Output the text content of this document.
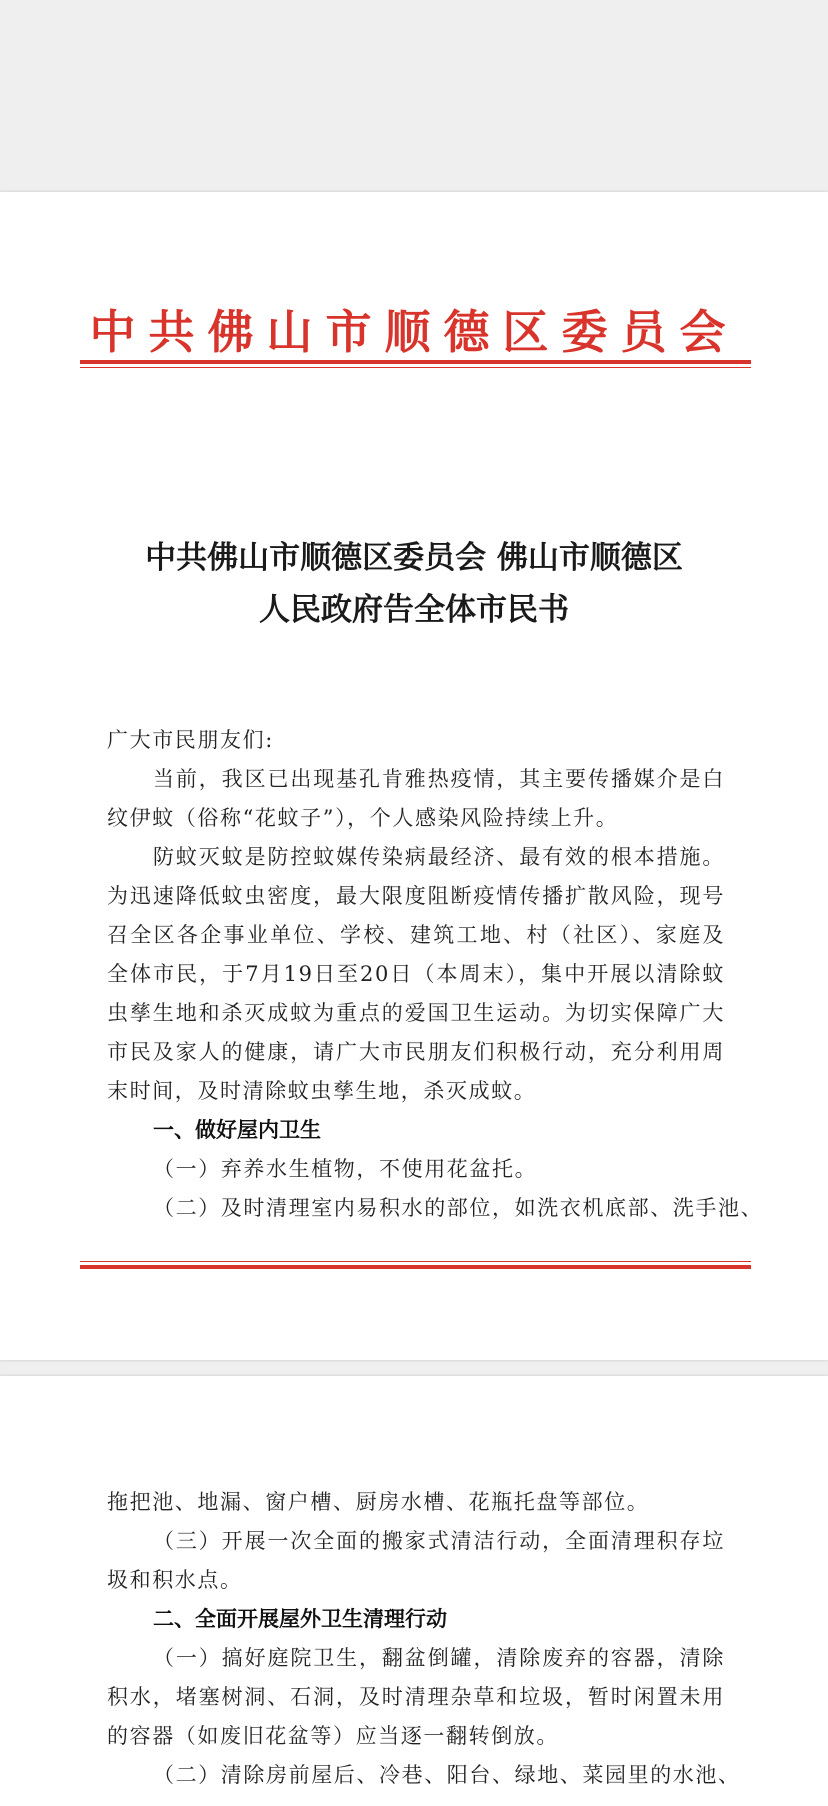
中共佛山市顺德区委员会
中共佛山市顺德区委员会 佛山市顺德区
人民政府告全体市民书
广大市民朋友们:
当前，我区已出现基孔肯雅热疫情，其主要传播媒介是白纹伊蚊（俗称“花蚊子”），个人感染风险持续上升。
防蚊灭蚊是防控蚊媒传染病最经济、最有效的根本措施。为迅速降低蚊虫密度，最大限度阻断疫情传播扩散风险，现号召全区各企事业单位、学校、建筑工地、村（社区）、家庭及全体市民，于7月19日至20日（本周末），集中开展以清除蚊虫孳生地和杀灭成蚊为重点的爱国卫生运动。为切实保障广大市民及家人的健康，请广大市民朋友们积极行动，充分利用周末时间，及时清除蚊虫孳生地，杀灭成蚊。
一、做好屋内卫生
（一）弃养水生植物，不使用花盆托。
（二）及时清理室内易积水的部位，如洗衣机底部、洗手池、
拖把池、地漏、窗户槽、厨房水槽、花瓶托盘等部位。
（三）开展一次全面的搬家式清洁行动，全面清理积存垃圾和积水点。
二、全面开展屋外卫生清理行动
（一）搞好庭院卫生，翻盆倒罐，清除废弃的容器，清除积水，堵塞树洞、石洞，及时清理杂草和垃圾，暂时闲置未用的容器（如废旧花盆等）应当逐一翻转倒放。
（二）清除房前屋后、冷巷、阳台、绿地、菜园里的水池、
